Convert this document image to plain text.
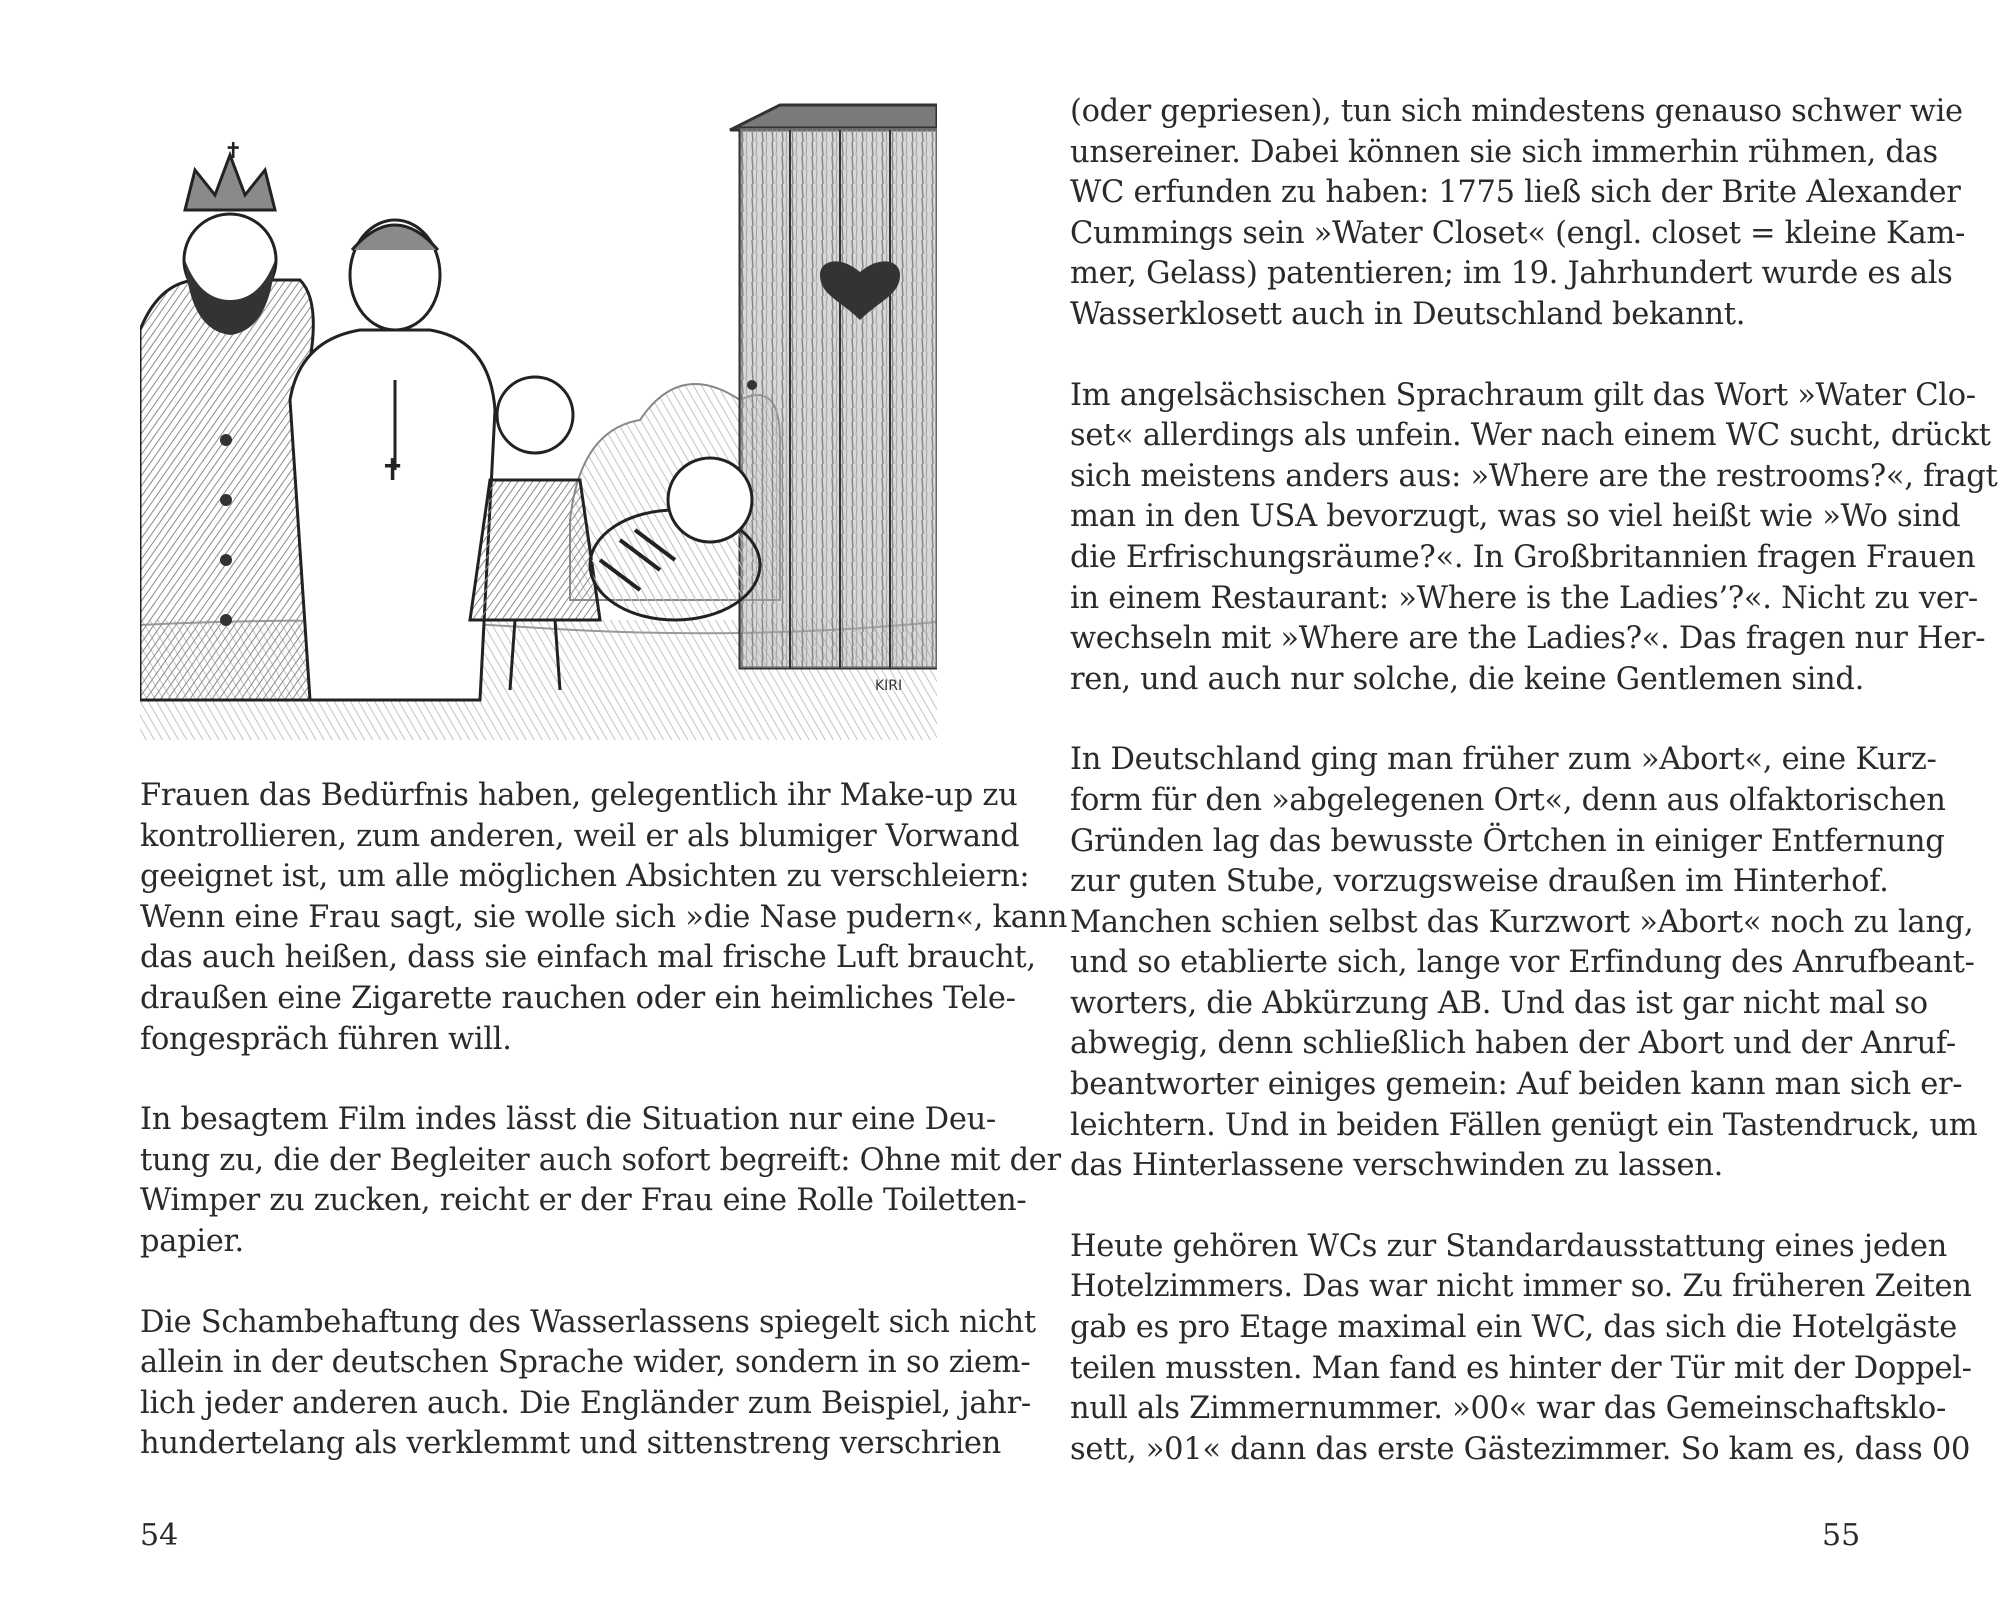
✝
✝
KIRI

Frauen das Bedürfnis haben, gelegentlich ihr Make-up zu
kontrollieren, zum anderen, weil er als blumiger Vorwand
geeignet ist, um alle möglichen Absichten zu verschleiern:
Wenn eine Frau sagt, sie wolle sich »die Nase pudern«, kann
das auch heißen, dass sie einfach mal frische Luft braucht,
draußen eine Zigarette rauchen oder ein heimliches Tele-
fongespräch führen will.

In besagtem Film indes lässt die Situation nur eine Deu-
tung zu, die der Begleiter auch sofort begreift: Ohne mit der
Wimper zu zucken, reicht er der Frau eine Rolle Toiletten-
papier.

Die Schambehaftung des Wasserlassens spiegelt sich nicht
allein in der deutschen Sprache wider, sondern in so ziem-
lich jeder anderen auch. Die Engländer zum Beispiel, jahr-
hundertelang als verklemmt und sittenstreng verschrien

54

(oder gepriesen), tun sich mindestens genauso schwer wie
unsereiner. Dabei können sie sich immerhin rühmen, das
WC erfunden zu haben: 1775 ließ sich der Brite Alexander
Cummings sein »Water Closet« (engl. closet = kleine Kam-
mer, Gelass) patentieren; im 19. Jahrhundert wurde es als
Wasserklosett auch in Deutschland bekannt.

Im angelsächsischen Sprachraum gilt das Wort »Water Clo-
set« allerdings als unfein. Wer nach einem WC sucht, drückt
sich meistens anders aus: »Where are the restrooms?«, fragt
man in den USA bevorzugt, was so viel heißt wie »Wo sind
die Erfrischungsräume?«. In Großbritannien fragen Frauen
in einem Restaurant: »Where is the Ladies’?«. Nicht zu ver-
wechseln mit »Where are the Ladies?«. Das fragen nur Her-
ren, und auch nur solche, die keine Gentlemen sind.

In Deutschland ging man früher zum »Abort«, eine Kurz-
form für den »abgelegenen Ort«, denn aus olfaktorischen
Gründen lag das bewusste Örtchen in einiger Entfernung
zur guten Stube, vorzugsweise draußen im Hinterhof.
Manchen schien selbst das Kurzwort »Abort« noch zu lang,
und so etablierte sich, lange vor Erfindung des Anrufbeant-
worters, die Abkürzung AB. Und das ist gar nicht mal so
abwegig, denn schließlich haben der Abort und der Anruf-
beantworter einiges gemein: Auf beiden kann man sich er-
leichtern. Und in beiden Fällen genügt ein Tastendruck, um
das Hinterlassene verschwinden zu lassen.

Heute gehören WCs zur Standardausstattung eines jeden
Hotelzimmers. Das war nicht immer so. Zu früheren Zeiten
gab es pro Etage maximal ein WC, das sich die Hotelgäste
teilen mussten. Man fand es hinter der Tür mit der Doppel-
null als Zimmernummer. »00« war das Gemeinschaftsklo-
sett, »01« dann das erste Gästezimmer. So kam es, dass 00

55
